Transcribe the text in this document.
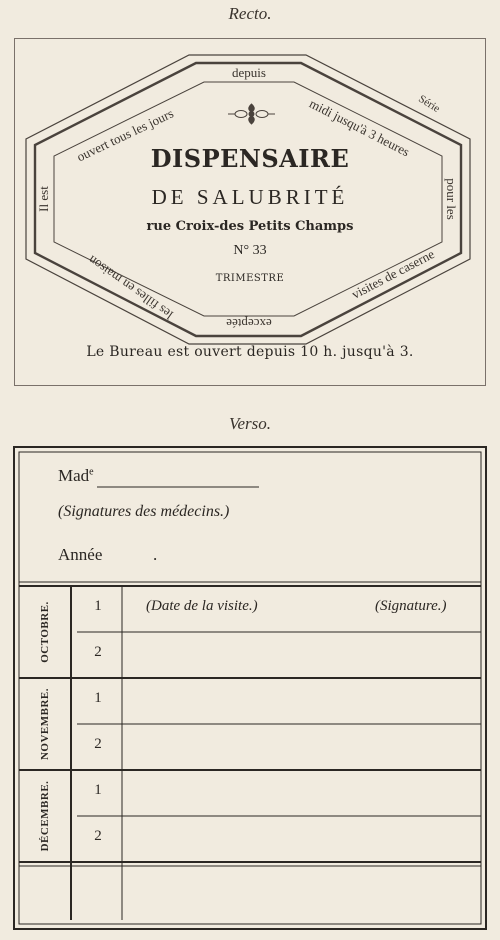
Recto.
depuis
ouvert tous les jours	midi jusqu'à 3 heures
Série
visites de caserne
les filles en maison
exceptée
Il est	pour les
DISPENSAIRE
DE SALUBRITÉ
rue Croix-des Petits Champs
N° 33
TRIMESTRE
Le Bureau est ouvert depuis 10 h. jusqu'à 3.
Verso.
Mad$^e$
(Signatures des médecins.)
Année	.
(Date de la visite.)	(Signature.)
OCTOBRE.	1
2
NOVEMBRE.	1
2
DÉCEMBRE.	1
2
